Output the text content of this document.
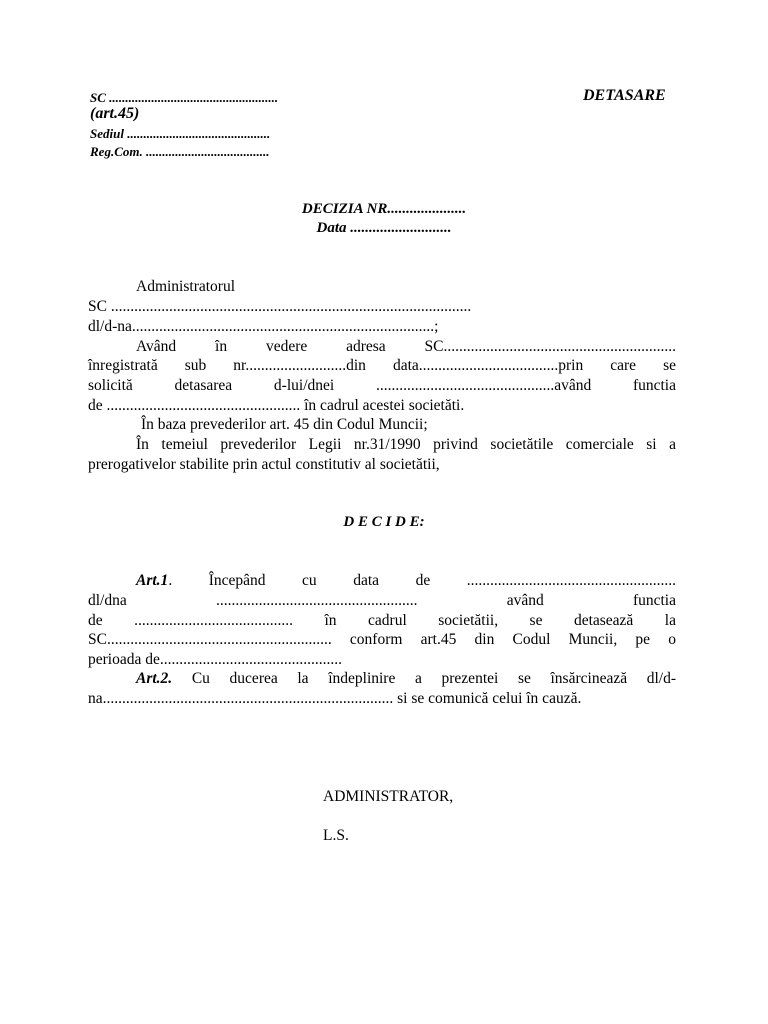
SC ....................................................	DETASARE
(art.45)
Sediul ............................................
Reg.Com. ......................................
DECIZIA NR.....................
Data ...........................
Administratorul
SC .............................................................................................
dl/d-na..............................................................................;
Având în vedere adresa SC............................................................
înregistrată sub nr..........................din data....................................prin care se
solicită detasarea d-lui/dnei ..............................................având functia
de .................................................. în cadrul acestei societăti.
În baza prevederilor art. 45 din Codul Muncii;
În temeiul prevederilor Legii nr.31/1990 privind societătile comerciale si a
prerogativelor stabilite prin actul constitutiv al societătii,
D E C I D E:
Art.1. Începând cu data de ......................................................
dl/dna .................................................... având functia
de ......................................... în cadrul societătii, se detasează la
SC.......................................................... conform art.45 din Codul Muncii, pe o
perioada de...............................................
Art.2. Cu ducerea la îndeplinire a prezentei se însărcinează dl/d-
na........................................................................... si se comunică celui în cauză.
ADMINISTRATOR,
L.S.
